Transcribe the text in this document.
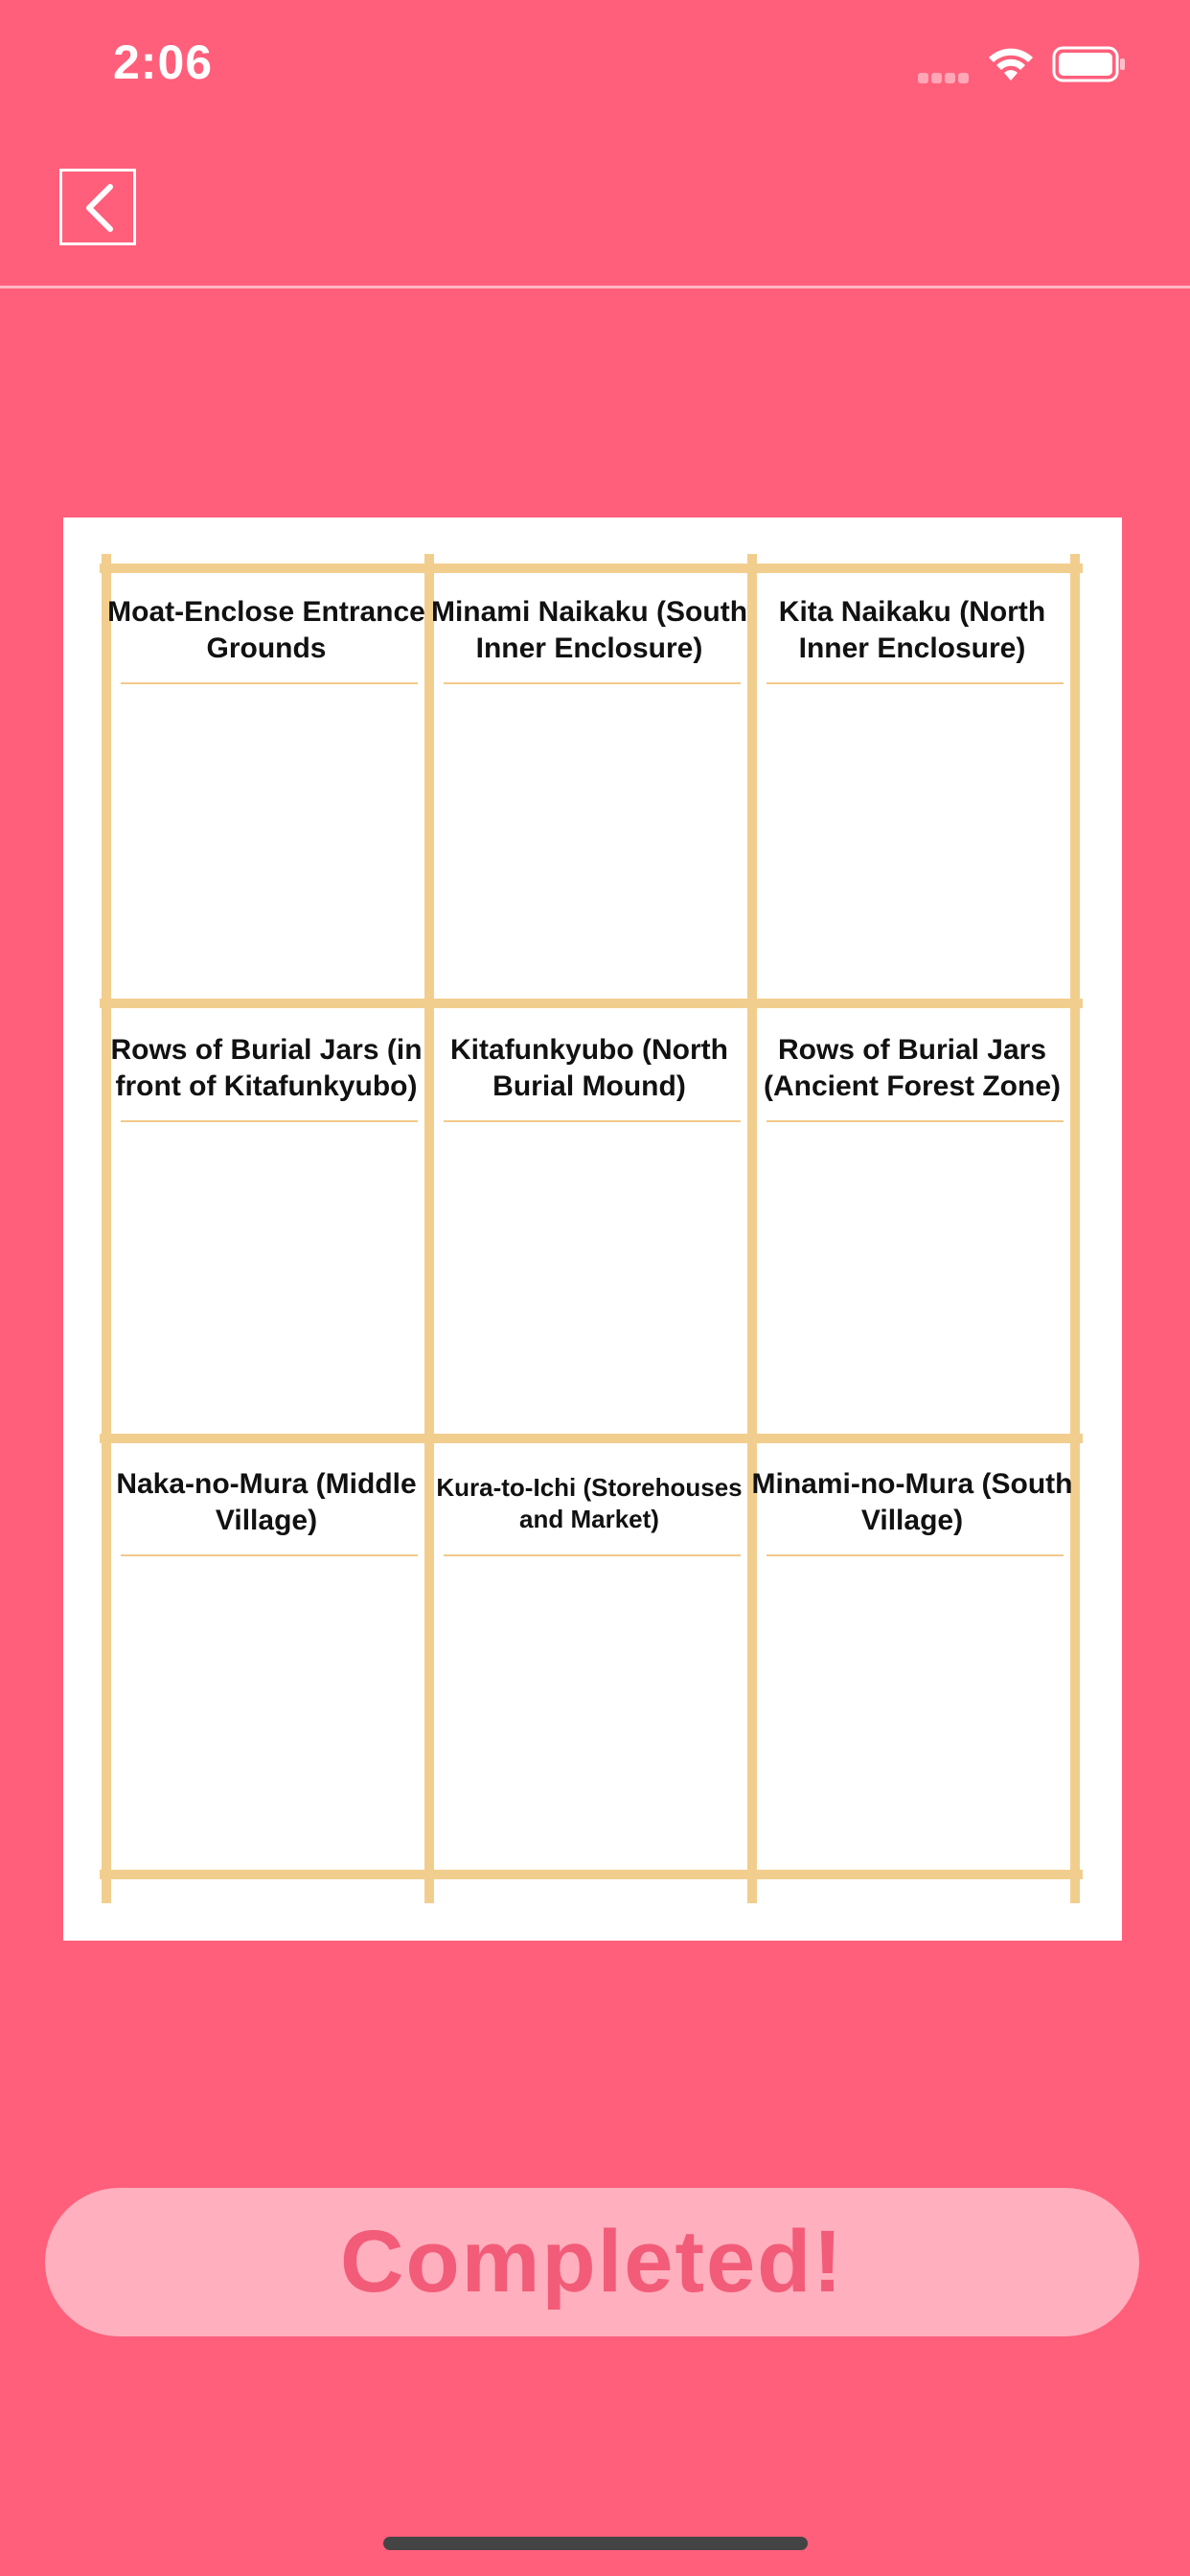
2:06
Moat-Enclose Entrance Grounds
Minami Naikaku (South Inner Enclosure)
Kita Naikaku (North Inner Enclosure)
Rows of Burial Jars (in front of Kitafunkyubo)
Kitafunkyubo (North Burial Mound)
Rows of Burial Jars (Ancient Forest Zone)
Naka-no-Mura (Middle Village)
Kura-to-Ichi (Storehouses and Market)
Minami-no-Mura (South Village)
Completed!
